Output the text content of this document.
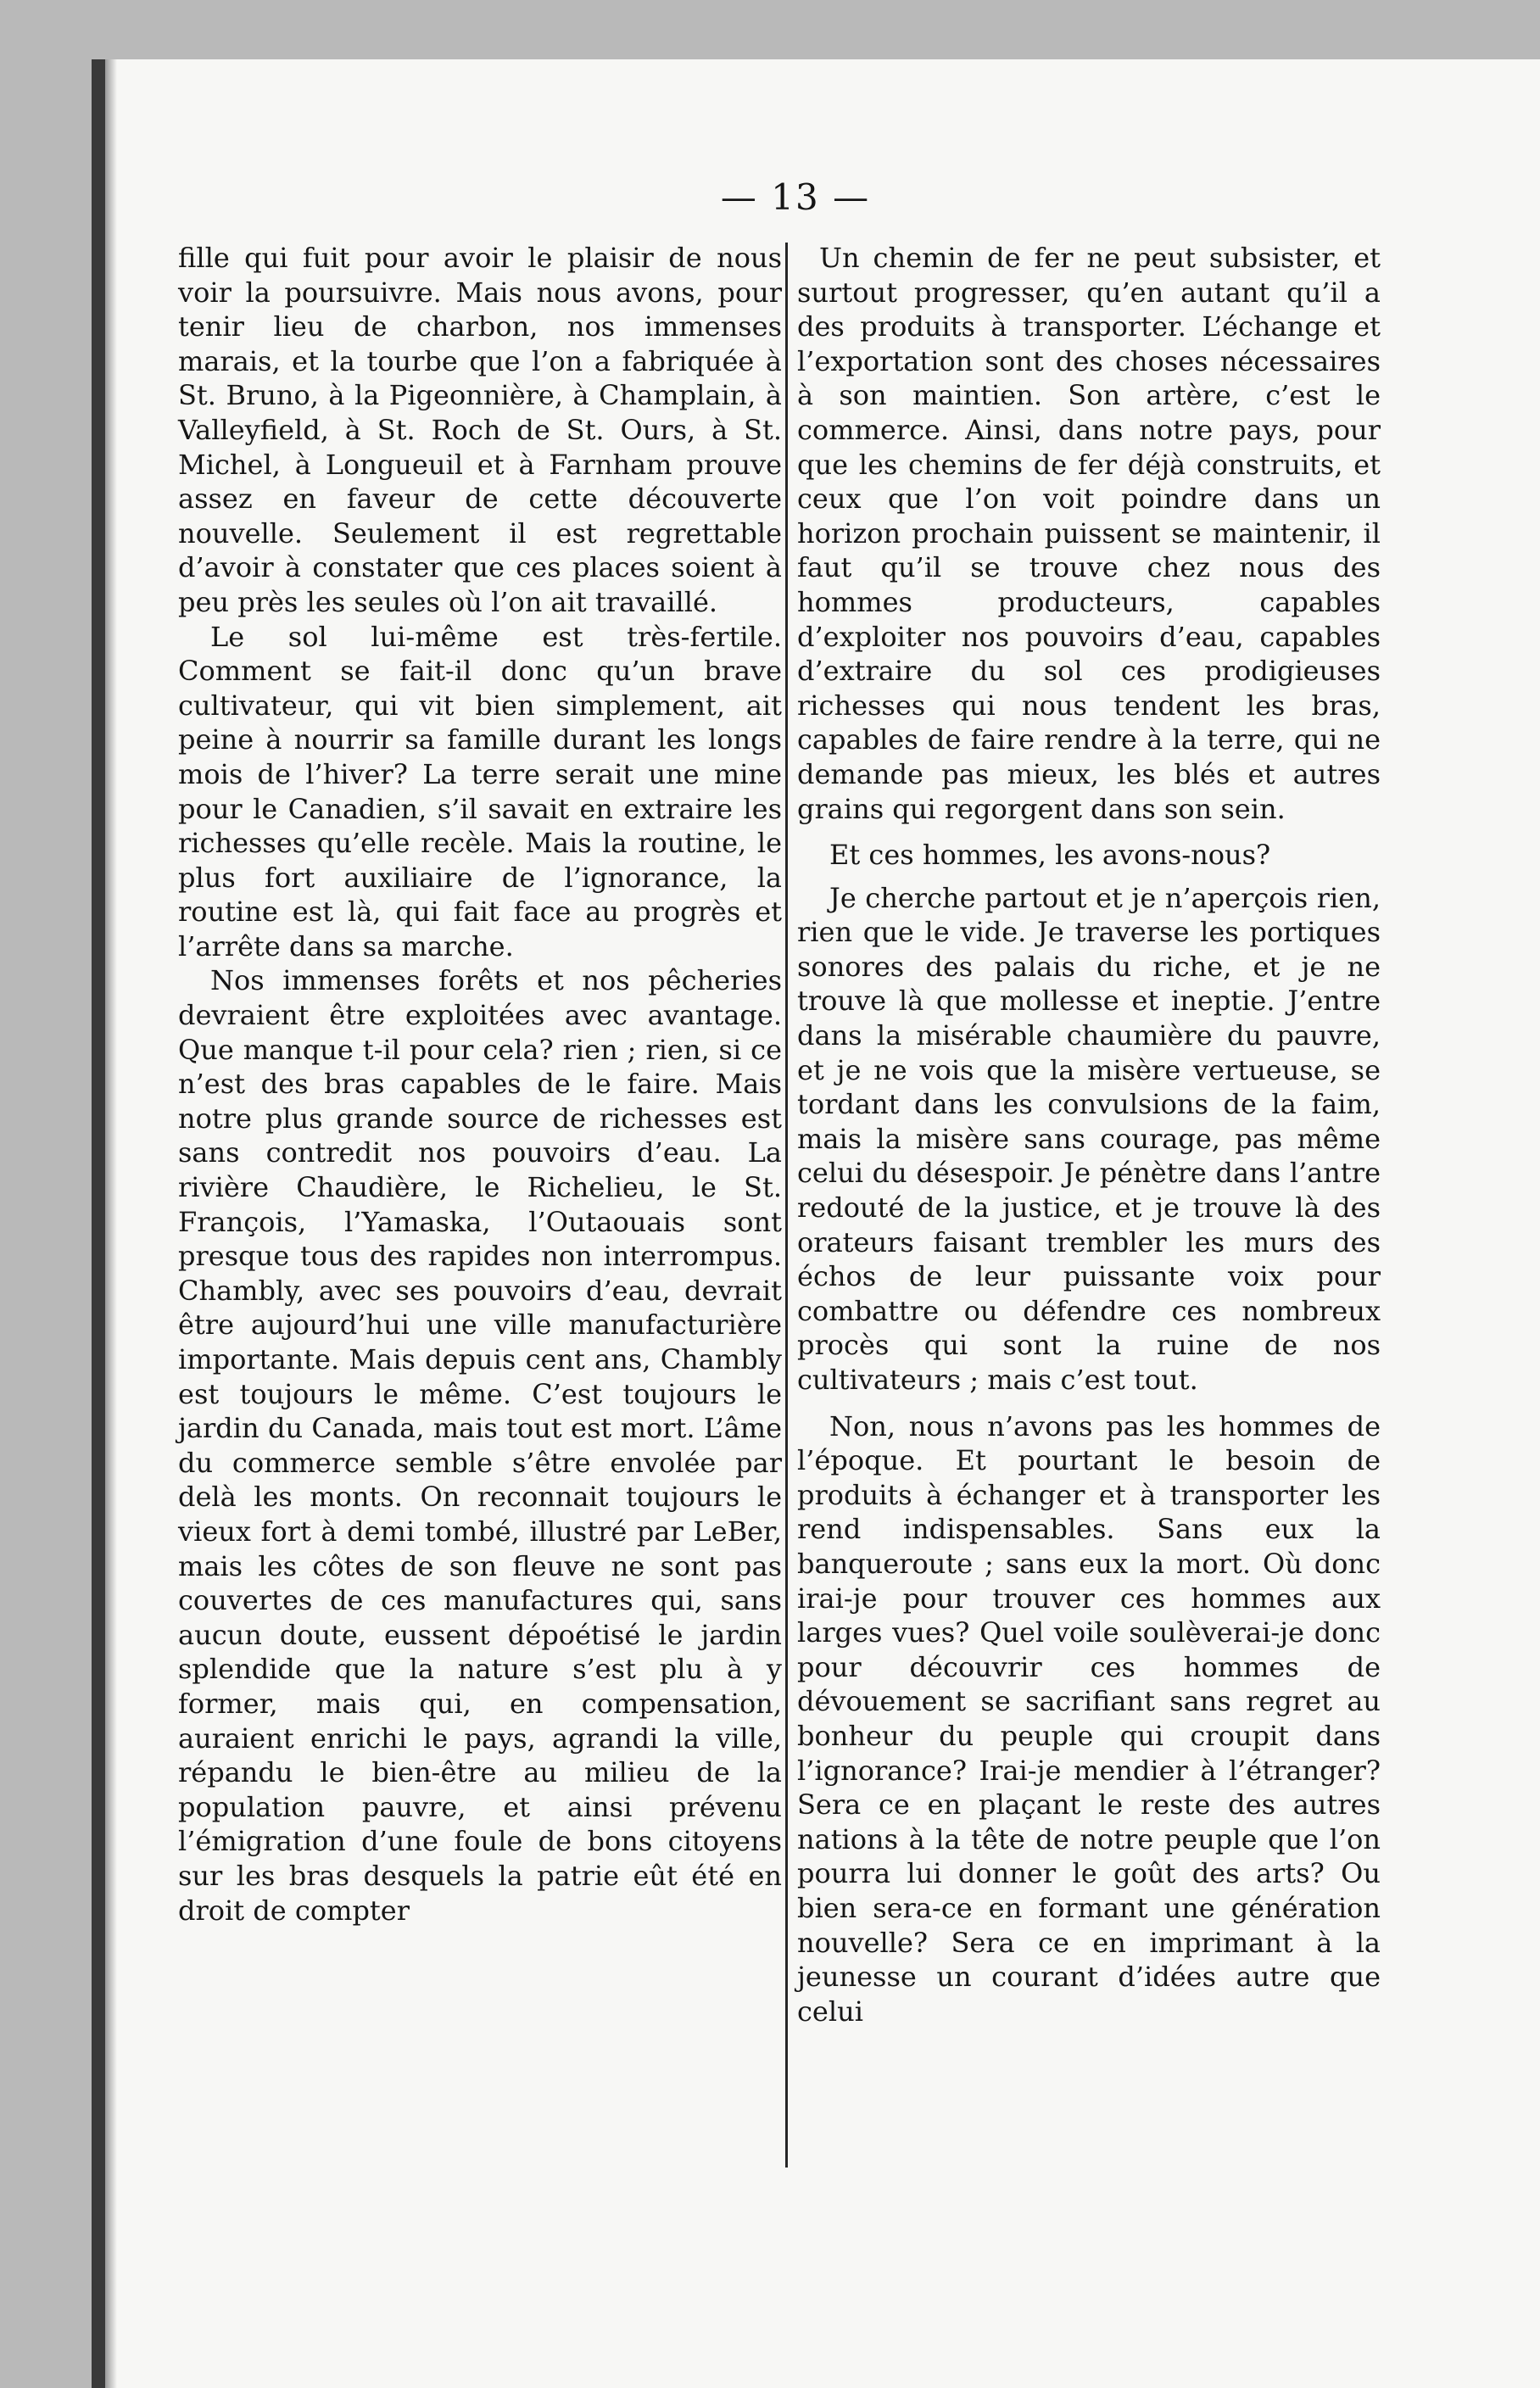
— 13 —

fille qui fuit pour avoir le plaisir de nous voir la poursuivre. Mais nous avons, pour tenir lieu de charbon, nos immenses marais, et la tourbe que l’on a fabriquée à St. Bruno, à la Pigeonnière, à Champlain, à Valleyfield, à St. Roch de St. Ours, à St. Michel, à Longueuil et à Farnham prouve assez en faveur de cette découverte nouvelle. Seulement il est regrettable d’avoir à constater que ces places soient à peu près les seules où l’on ait travaillé.

Le sol lui-même est très-fertile. Comment se fait-il donc qu’un brave cultivateur, qui vit bien simplement, ait peine à nourrir sa famille durant les longs mois de l’hiver? La terre serait une mine pour le Canadien, s’il savait en extraire les richesses qu’elle recèle. Mais la routine, le plus fort auxiliaire de l’ignorance, la routine est là, qui fait face au progrès et l’arrête dans sa marche.

Nos immenses forêts et nos pêcheries devraient être exploitées avec avantage. Que manque t-il pour cela? rien ; rien, si ce n’est des bras capables de le faire. Mais notre plus grande source de richesses est sans contredit nos pouvoirs d’eau. La rivière Chaudière, le Richelieu, le St. François, l’Yamaska, l’Outaouais sont presque tous des rapides non interrompus. Chambly, avec ses pouvoirs d’eau, devrait être aujourd’hui une ville manufacturière importante. Mais depuis cent ans, Chambly est toujours le même. C’est toujours le jardin du Canada, mais tout est mort. L’âme du commerce semble s’être envolée par delà les monts. On reconnait toujours le vieux fort à demi tombé, illustré par LeBer, mais les côtes de son fleuve ne sont pas couvertes de ces manufactures qui, sans aucun doute, eussent dépoétisé le jardin splendide que la nature s’est plu à y former, mais qui, en compensation, auraient enrichi le pays, agrandi la ville, répandu le bien-être au milieu de la population pauvre, et ainsi prévenu l’émigration d’une foule de bons citoyens sur les bras desquels la patrie eût été en droit de compter

Un chemin de fer ne peut subsister, et surtout progresser, qu’en autant qu’il a des produits à transporter. L’échange et l’exportation sont des choses nécessaires à son maintien. Son artère, c’est le commerce. Ainsi, dans notre pays, pour que les chemins de fer déjà construits, et ceux que l’on voit poindre dans un horizon prochain puissent se maintenir, il faut qu’il se trouve chez nous des hommes producteurs, capables d’exploiter nos pouvoirs d’eau, capables d’extraire du sol ces prodigieuses richesses qui nous tendent les bras, capables de faire rendre à la terre, qui ne demande pas mieux, les blés et autres grains qui regorgent dans son sein.

Et ces hommes, les avons-nous?

Je cherche partout et je n’aperçois rien, rien que le vide. Je traverse les portiques sonores des palais du riche, et je ne trouve là que mollesse et ineptie. J’entre dans la misérable chaumière du pauvre, et je ne vois que la misère vertueuse, se tordant dans les convulsions de la faim, mais la misère sans courage, pas même celui du désespoir. Je pénètre dans l’antre redouté de la justice, et je trouve là des orateurs faisant trembler les murs des échos de leur puissante voix pour combattre ou défendre ces nombreux procès qui sont la ruine de nos cultivateurs ; mais c’est tout.

Non, nous n’avons pas les hommes de l’époque. Et pourtant le besoin de produits à échanger et à transporter les rend indispensables. Sans eux la banqueroute ; sans eux la mort. Où donc irai-je pour trouver ces hommes aux larges vues? Quel voile soulèverai-je donc pour découvrir ces hommes de dévouement se sacrifiant sans regret au bonheur du peuple qui croupit dans l’ignorance? Irai-je mendier à l’étranger? Sera ce en plaçant le reste des autres nations à la tête de notre peuple que l’on pourra lui donner le goût des arts? Ou bien sera-ce en formant une génération nouvelle? Sera ce en imprimant à la jeunesse un courant d’idées autre que celui
